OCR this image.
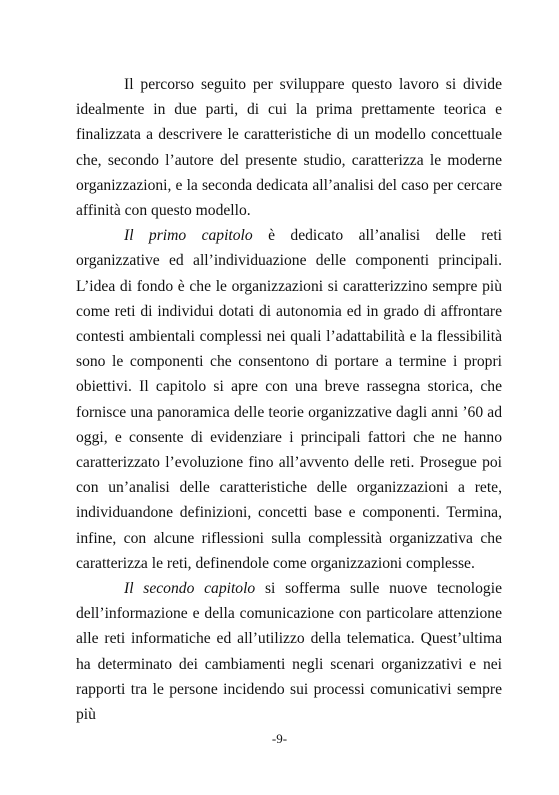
Il percorso seguito per sviluppare questo lavoro si divide idealmente in due parti, di cui la prima prettamente teorica e finalizzata a descrivere le caratteristiche di un modello concettuale che, secondo l’autore del presente studio, caratterizza le moderne organizzazioni, e la seconda dedicata all’analisi del caso per cercare affinità con questo modello.

Il primo capitolo è dedicato all’analisi delle reti organizzative ed all’individuazione delle componenti principali. L’idea di fondo è che le organizzazioni si caratterizzino sempre più come reti di individui dotati di autonomia ed in grado di affrontare contesti ambientali complessi nei quali l’adattabilità e la flessibilità sono le componenti che consentono di portare a termine i propri obiettivi. Il capitolo si apre con una breve rassegna storica, che fornisce una panoramica delle teorie organizzative dagli anni ’60 ad oggi, e consente di evidenziare i principali fattori che ne hanno caratterizzato l’evoluzione fino all’avvento delle reti. Prosegue poi con un’analisi delle caratteristiche delle organizzazioni a rete, individuandone definizioni, concetti base e componenti. Termina, infine, con alcune riflessioni sulla complessità organizzativa che caratterizza le reti, definendole come organizzazioni complesse.

Il secondo capitolo si sofferma sulle nuove tecnologie dell’informazione e della comunicazione con particolare attenzione alle reti informatiche ed all’utilizzo della telematica. Quest’ultima ha determinato dei cambiamenti negli scenari organizzativi e nei rapporti tra le persone incidendo sui processi comunicativi sempre più

-9-
